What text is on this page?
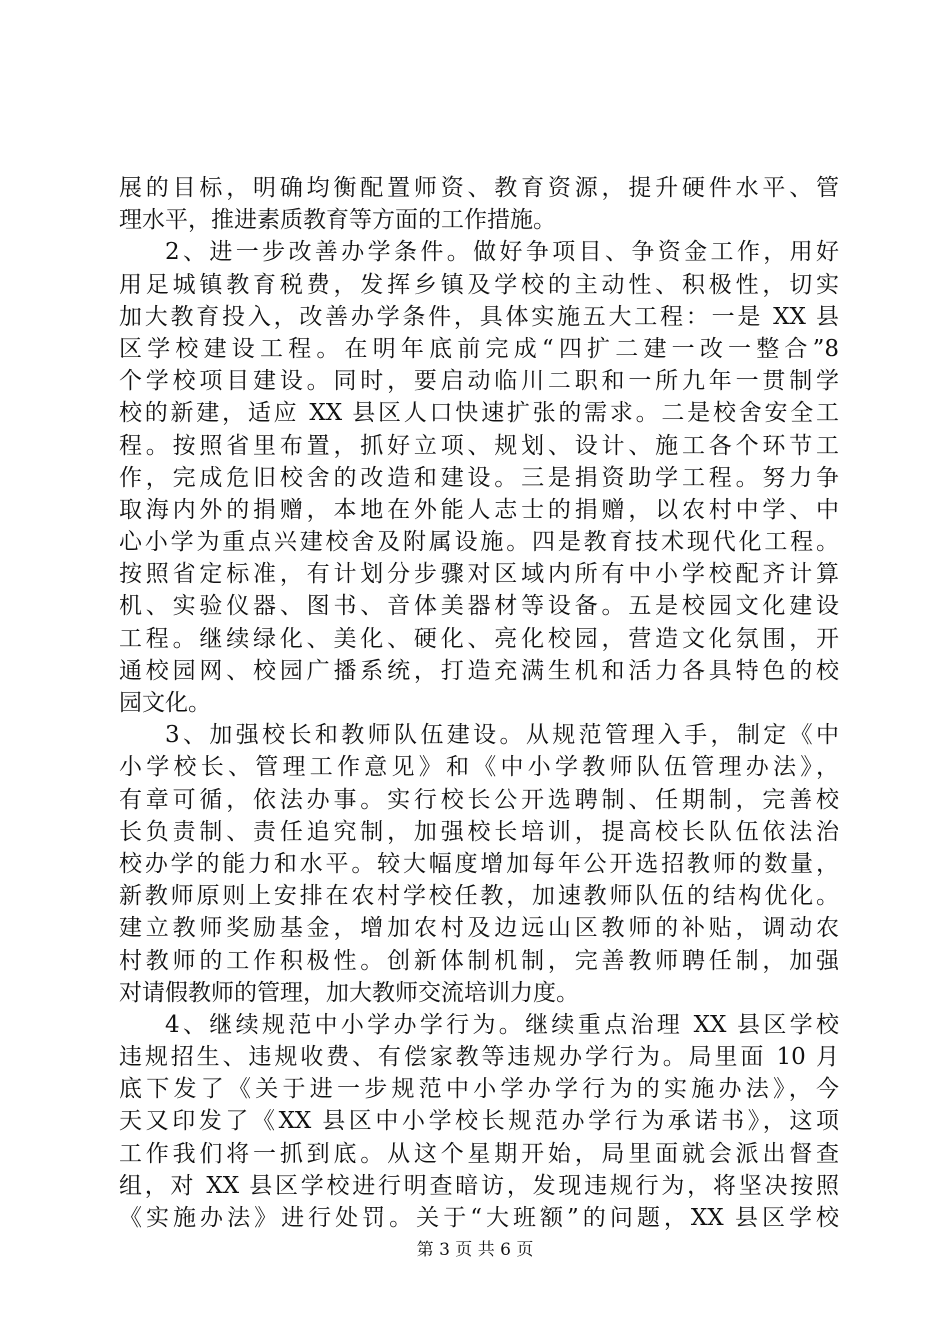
展的目标，明确均衡配置师资、教育资源，提升硬件水平、管
理水平，推进素质教育等方面的工作措施。
2、进一步改善办学条件。做好争项目、争资金工作，用好
用足城镇教育税费，发挥乡镇及学校的主动性、积极性，切实
加大教育投入，改善办学条件，具体实施五大工程：一是 XX 县
区学校建设工程。在明年底前完成“四扩二建一改一整合”8
个学校项目建设。同时，要启动临川二职和一所九年一贯制学
校的新建，适应 XX 县区人口快速扩张的需求。二是校舍安全工
程。按照省里布置，抓好立项、规划、设计、施工各个环节工
作，完成危旧校舍的改造和建设。三是捐资助学工程。努力争
取海内外的捐赠，本地在外能人志士的捐赠，以农村中学、中
心小学为重点兴建校舍及附属设施。四是教育技术现代化工程。
按照省定标准，有计划分步骤对区域内所有中小学校配齐计算
机、实验仪器、图书、音体美器材等设备。五是校园文化建设
工程。继续绿化、美化、硬化、亮化校园，营造文化氛围，开
通校园网、校园广播系统，打造充满生机和活力各具特色的校
园文化。
3、加强校长和教师队伍建设。从规范管理入手，制定《中
小学校长、管理工作意见》和《中小学教师队伍管理办法》，
有章可循，依法办事。实行校长公开选聘制、任期制，完善校
长负责制、责任追究制，加强校长培训，提高校长队伍依法治
校办学的能力和水平。较大幅度增加每年公开选招教师的数量，
新教师原则上安排在农村学校任教，加速教师队伍的结构优化。
建立教师奖励基金，增加农村及边远山区教师的补贴，调动农
村教师的工作积极性。创新体制机制，完善教师聘任制，加强
对请假教师的管理，加大教师交流培训力度。
4、继续规范中小学办学行为。继续重点治理 XX 县区学校
违规招生、违规收费、有偿家教等违规办学行为。局里面 10 月
底下发了《关于进一步规范中小学办学行为的实施办法》，今
天又印发了《XX 县区中小学校长规范办学行为承诺书》，这项
工作我们将一抓到底。从这个星期开始，局里面就会派出督查
组，对 XX 县区学校进行明查暗访，发现违规行为，将坚决按照
《实施办法》进行处罚。关于“大班额”的问题，XX 县区学校
第 3 页 共 6 页
